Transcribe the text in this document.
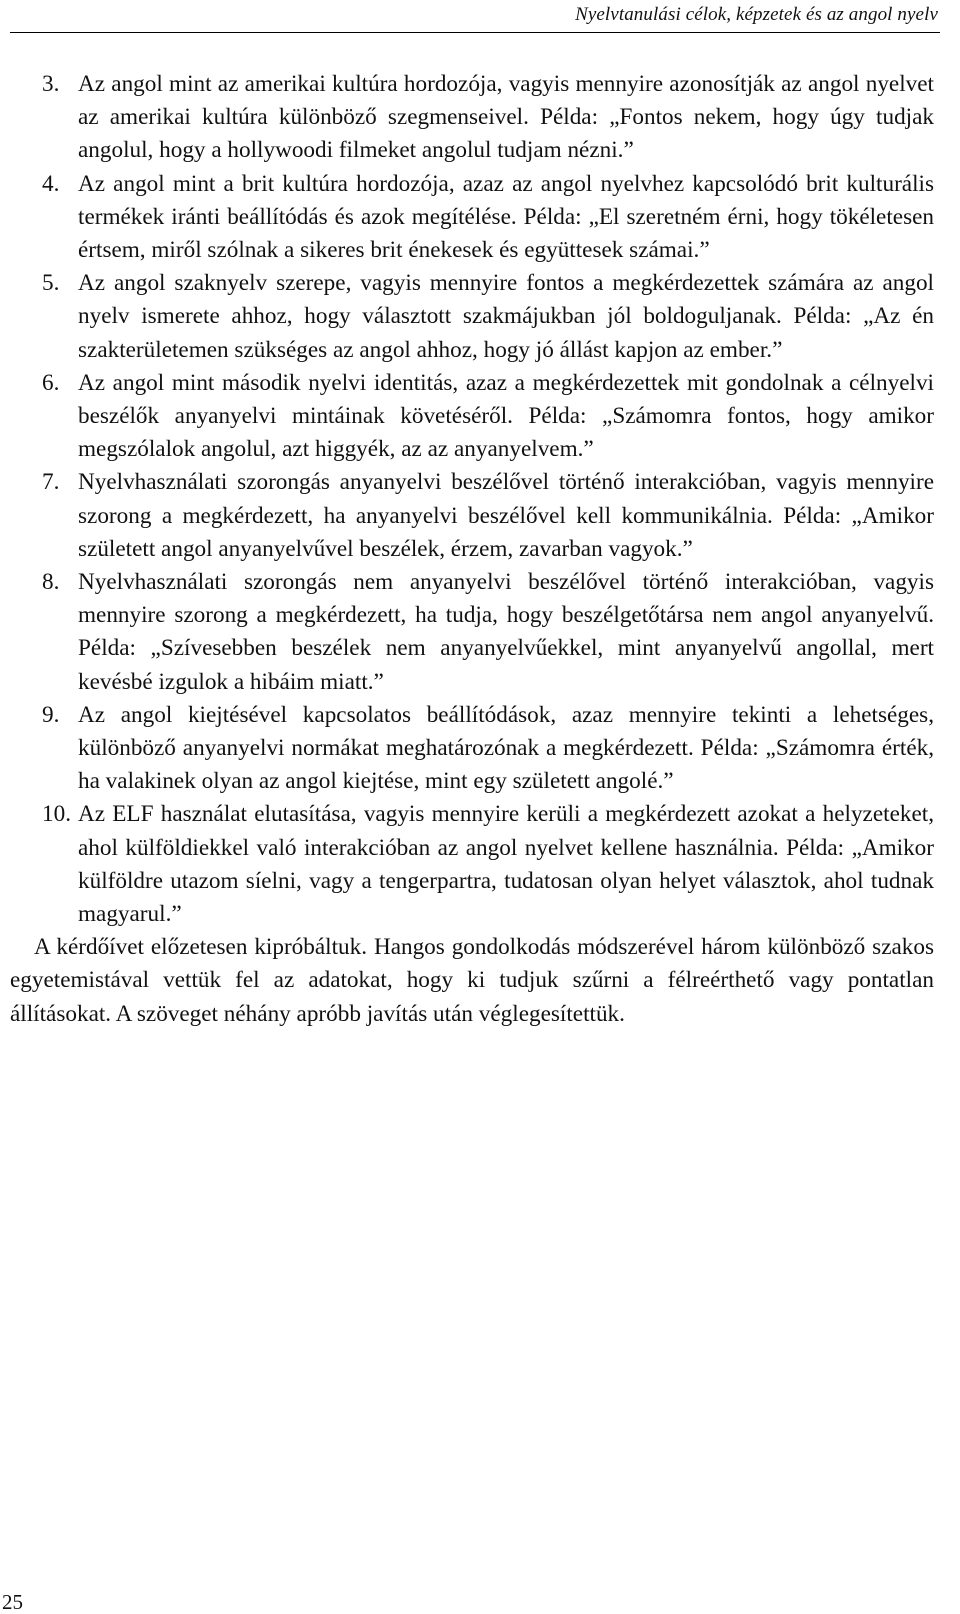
Nyelvtanulási célok, képzetek és az angol nyelv
3. Az angol mint az amerikai kultúra hordozója, vagyis mennyire azonosítják az angol nyelvet az amerikai kultúra különböző szegmenseivel. Példa: „Fontos nekem, hogy úgy tudjak angolul, hogy a hollywoodi filmeket angolul tudjam nézni.”
4. Az angol mint a brit kultúra hordozója, azaz az angol nyelvhez kapcsolódó brit kulturális termékek iránti beállítódás és azok megítélése. Példa: „El szeretném érni, hogy tökéletesen értsem, miről szólnak a sikeres brit énekesek és együttesek számai.”
5. Az angol szaknyelv szerepe, vagyis mennyire fontos a megkérdezettek számára az angol nyelv ismerete ahhoz, hogy választott szakmájukban jól boldoguljanak. Példa: „Az én szakterületemen szükséges az angol ahhoz, hogy jó állást kapjon az ember.”
6. Az angol mint második nyelvi identitás, azaz a megkérdezettek mit gondolnak a célnyelvi beszélők anyanyelvi mintáinak követéséről. Példa: „Számomra fontos, hogy amikor megszólalok angolul, azt higgyék, az az anyanyelvem.”
7. Nyelvhasználati szorongás anyanyelvi beszélővel történő interakcióban, vagyis mennyire szorong a megkérdezett, ha anyanyelvi beszélővel kell kommunikálnia. Példa: „Amikor született angol anyanyelvűvel beszélek, érzem, zavarban vagyok.”
8. Nyelvhasználati szorongás nem anyanyelvi beszélővel történő interakcióban, vagyis mennyire szorong a megkérdezett, ha tudja, hogy beszélgetőtársa nem angol anyanyelvű. Példa: „Szívesebben beszélek nem anyanyelvűekkel, mint anyanyelvű angollal, mert kevésbé izgulok a hibáim miatt.”
9. Az angol kiejtésével kapcsolatos beállítódások, azaz mennyire tekinti a lehetséges, különböző anyanyelvi normákat meghatározónak a megkérdezett. Példa: „Számomra érték, ha valakinek olyan az angol kiejtése, mint egy született angolé.”
10. Az ELF használat elutasítása, vagyis mennyire kerüli a megkérdezett azokat a helyzeteket, ahol külföldiekkel való interakcióban az angol nyelvet kellene használnia. Példa: „Amikor külföldre utazom síelni, vagy a tengerpartra, tudatosan olyan helyet választok, ahol tudnak magyarul.”

A kérdőívet előzetesen kipróbáltuk. Hangos gondolkodás módszerével három különböző szakos egyetemistával vettük fel az adatokat, hogy ki tudjuk szűrni a félreérthető vagy pontatlan állításokat. A szöveget néhány apróbb javítás után véglegesítettük.

25
